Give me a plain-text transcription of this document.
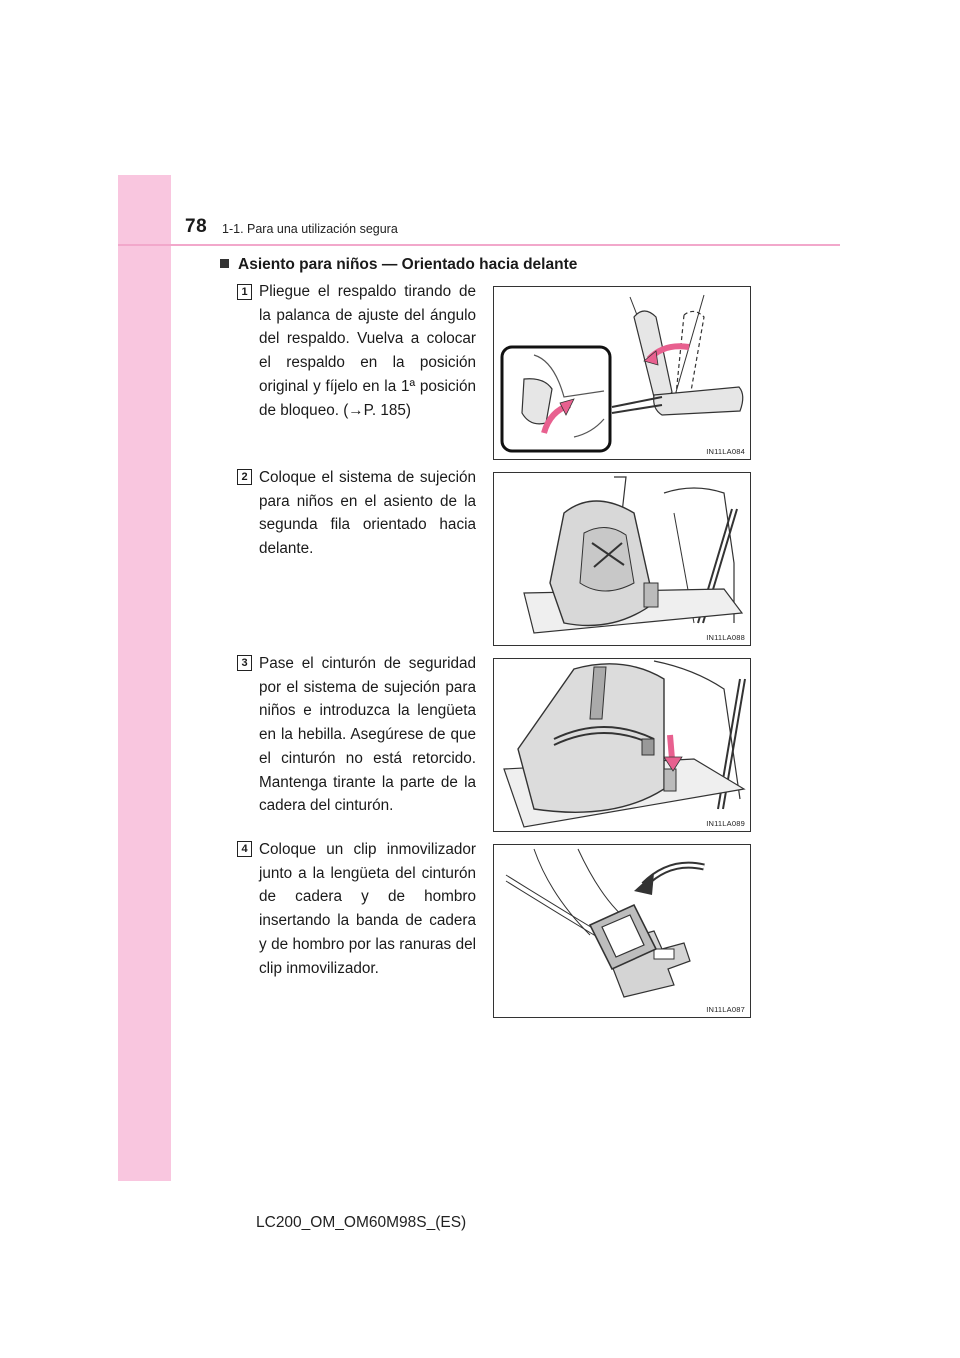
78 1-1. Para una utilización segura
Asiento para niños — Orientado hacia delante
1 Pliegue el respaldo tirando de la palanca de ajuste del ángulo del respaldo. Vuelva a colocar el respaldo en la posición original y fíjelo en la 1ª posición de bloqueo. (→P. 185)
IN11LA084
2 Coloque el sistema de sujeción para niños en el asiento de la segunda fila orientado hacia delante.
IN11LA088
3 Pase el cinturón de seguridad por el sistema de sujeción para niños e introduzca la lengüeta en la hebilla. Asegúrese de que el cinturón no está retorcido. Mantenga tirante la parte de la cadera del cinturón.
IN11LA089
4 Coloque un clip inmovilizador junto a la lengüeta del cinturón de cadera y de hombro insertando la banda de cadera y de hombro por las ranuras del clip inmovilizador.
IN11LA087
LC200_OM_OM60M98S_(ES)
